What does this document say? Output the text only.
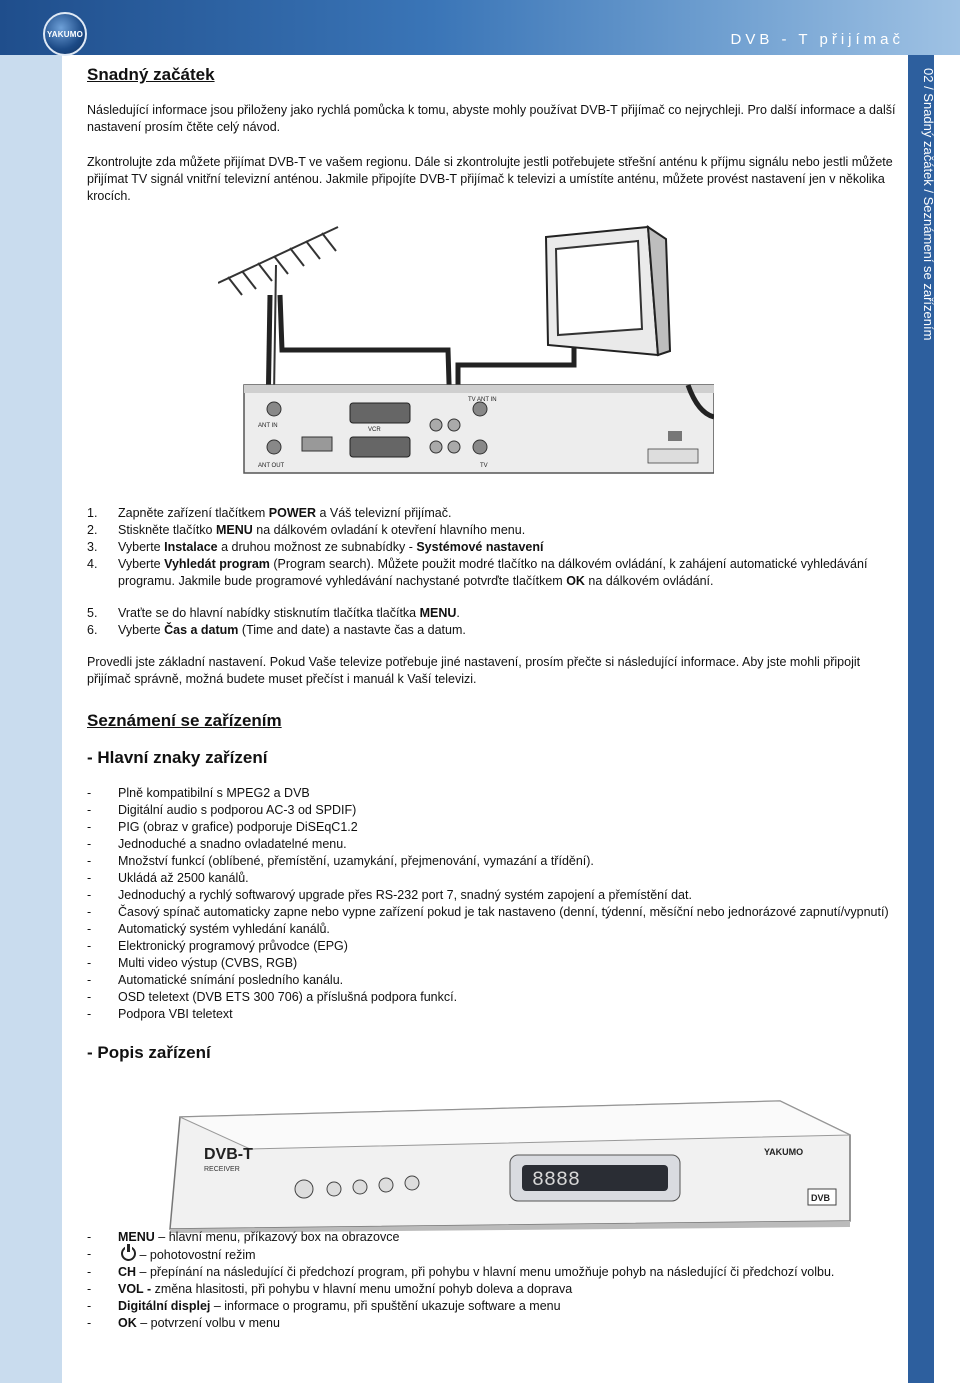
YAKUMO	DVB - T přijímač
02 / Snadný začátek / Seznámení se zařízením
ANT OUT
ANT IN
TV
VCR
TV ANT IN
8888
DVB-T
RECEIVER
YAKUMO
DVB
Snadný začátek

Následující informace jsou přiloženy jako rychlá pomůcka k tomu, abyste mohly používat DVB-T přijímač co nejrychleji. Pro další informace a další nastavení prosím čtěte celý návod.

Zkontrolujte zda můžete přijímat DVB-T ve vašem regionu. Dále si zkontrolujte jestli potřebujete střešní anténu k příjmu signálu nebo jestli můžete přijímat TV signál vnitřní televizní anténou. Jakmile připojíte DVB-T přijímač k televizi a umístíte anténu, můžete provést nastavení jen v několika krocích.

1.	Zapněte zařízení tlačítkem POWER a Váš televizní přijímač.
2.	Stiskněte tlačítko MENU na dálkovém ovladání k otevření hlavního menu.
3.	Vyberte Instalace a druhou možnost ze subnabídky - Systémové nastavení
4.	Vyberte Vyhledát program (Program search). Můžete použit modré tlačítko na dálkovém ovládání, k zahájení automatické vyhledávání programu. Jakmile bude programové vyhledávání nachystané potvrďte tlačítkem OK na dálkovém ovládání.
5.	Vraťte se do hlavní nabídky stisknutím tlačítka tlačítka MENU.
6.	Vyberte Čas a datum (Time and date) a nastavte čas a datum.

Provedli jste základní nastavení. Pokud Vaše televize potřebuje jiné nastavení, prosím přečte si následující informace. Aby jste mohli připojit přijímač správně, možná budete muset přečíst i manuál k Vaší televizi.

Seznámení se zařízením
- Hlavní znaky zařízení
-	Plně kompatibilní s MPEG2 a DVB
-	Digitální audio s podporou AC-3 od SPDIF)
-	PIG (obraz v grafice) podporuje DiSEqC1.2
-	Jednoduché a snadno ovladatelné menu.
-	Množství funkcí (oblíbené, přemístění, uzamykání, přejmenování, vymazání a třídění).
-	Ukládá až 2500 kanálů.
-	Jednoduchý a rychlý softwarový upgrade přes RS-232 port 7, snadný systém zapojení a přemístění dat.
-	Časový spínač automaticky zapne nebo vypne zařízení pokud je tak nastaveno (denní, týdenní, měsíční nebo jednorázové zapnutí/vypnutí)
-	Automatický systém vyhledání kanálů.
-	Elektronický programový průvodce (EPG)
-	Multi video výstup (CVBS, RGB)
-	Automatické snímání posledního kanálu.
-	OSD teletext (DVB ETS 300 706) a příslušná podpora funkcí.
-	Podpora VBI teletext
- Popis zařízení
-	MENU – hlavní menu, příkazový box na obrazovce
-	– pohotovostní režim
-	CH – přepínání na následující či předchozí program, při pohybu v hlavní menu umožňuje pohyb na následující či předchozí volbu.
-	VOL - změna hlasitosti, při pohybu v hlavní menu umožní pohyb doleva a doprava
-	Digitální displej – informace o programu, při spuštění ukazuje software a menu
-	OK – potvrzení volbu v menu
